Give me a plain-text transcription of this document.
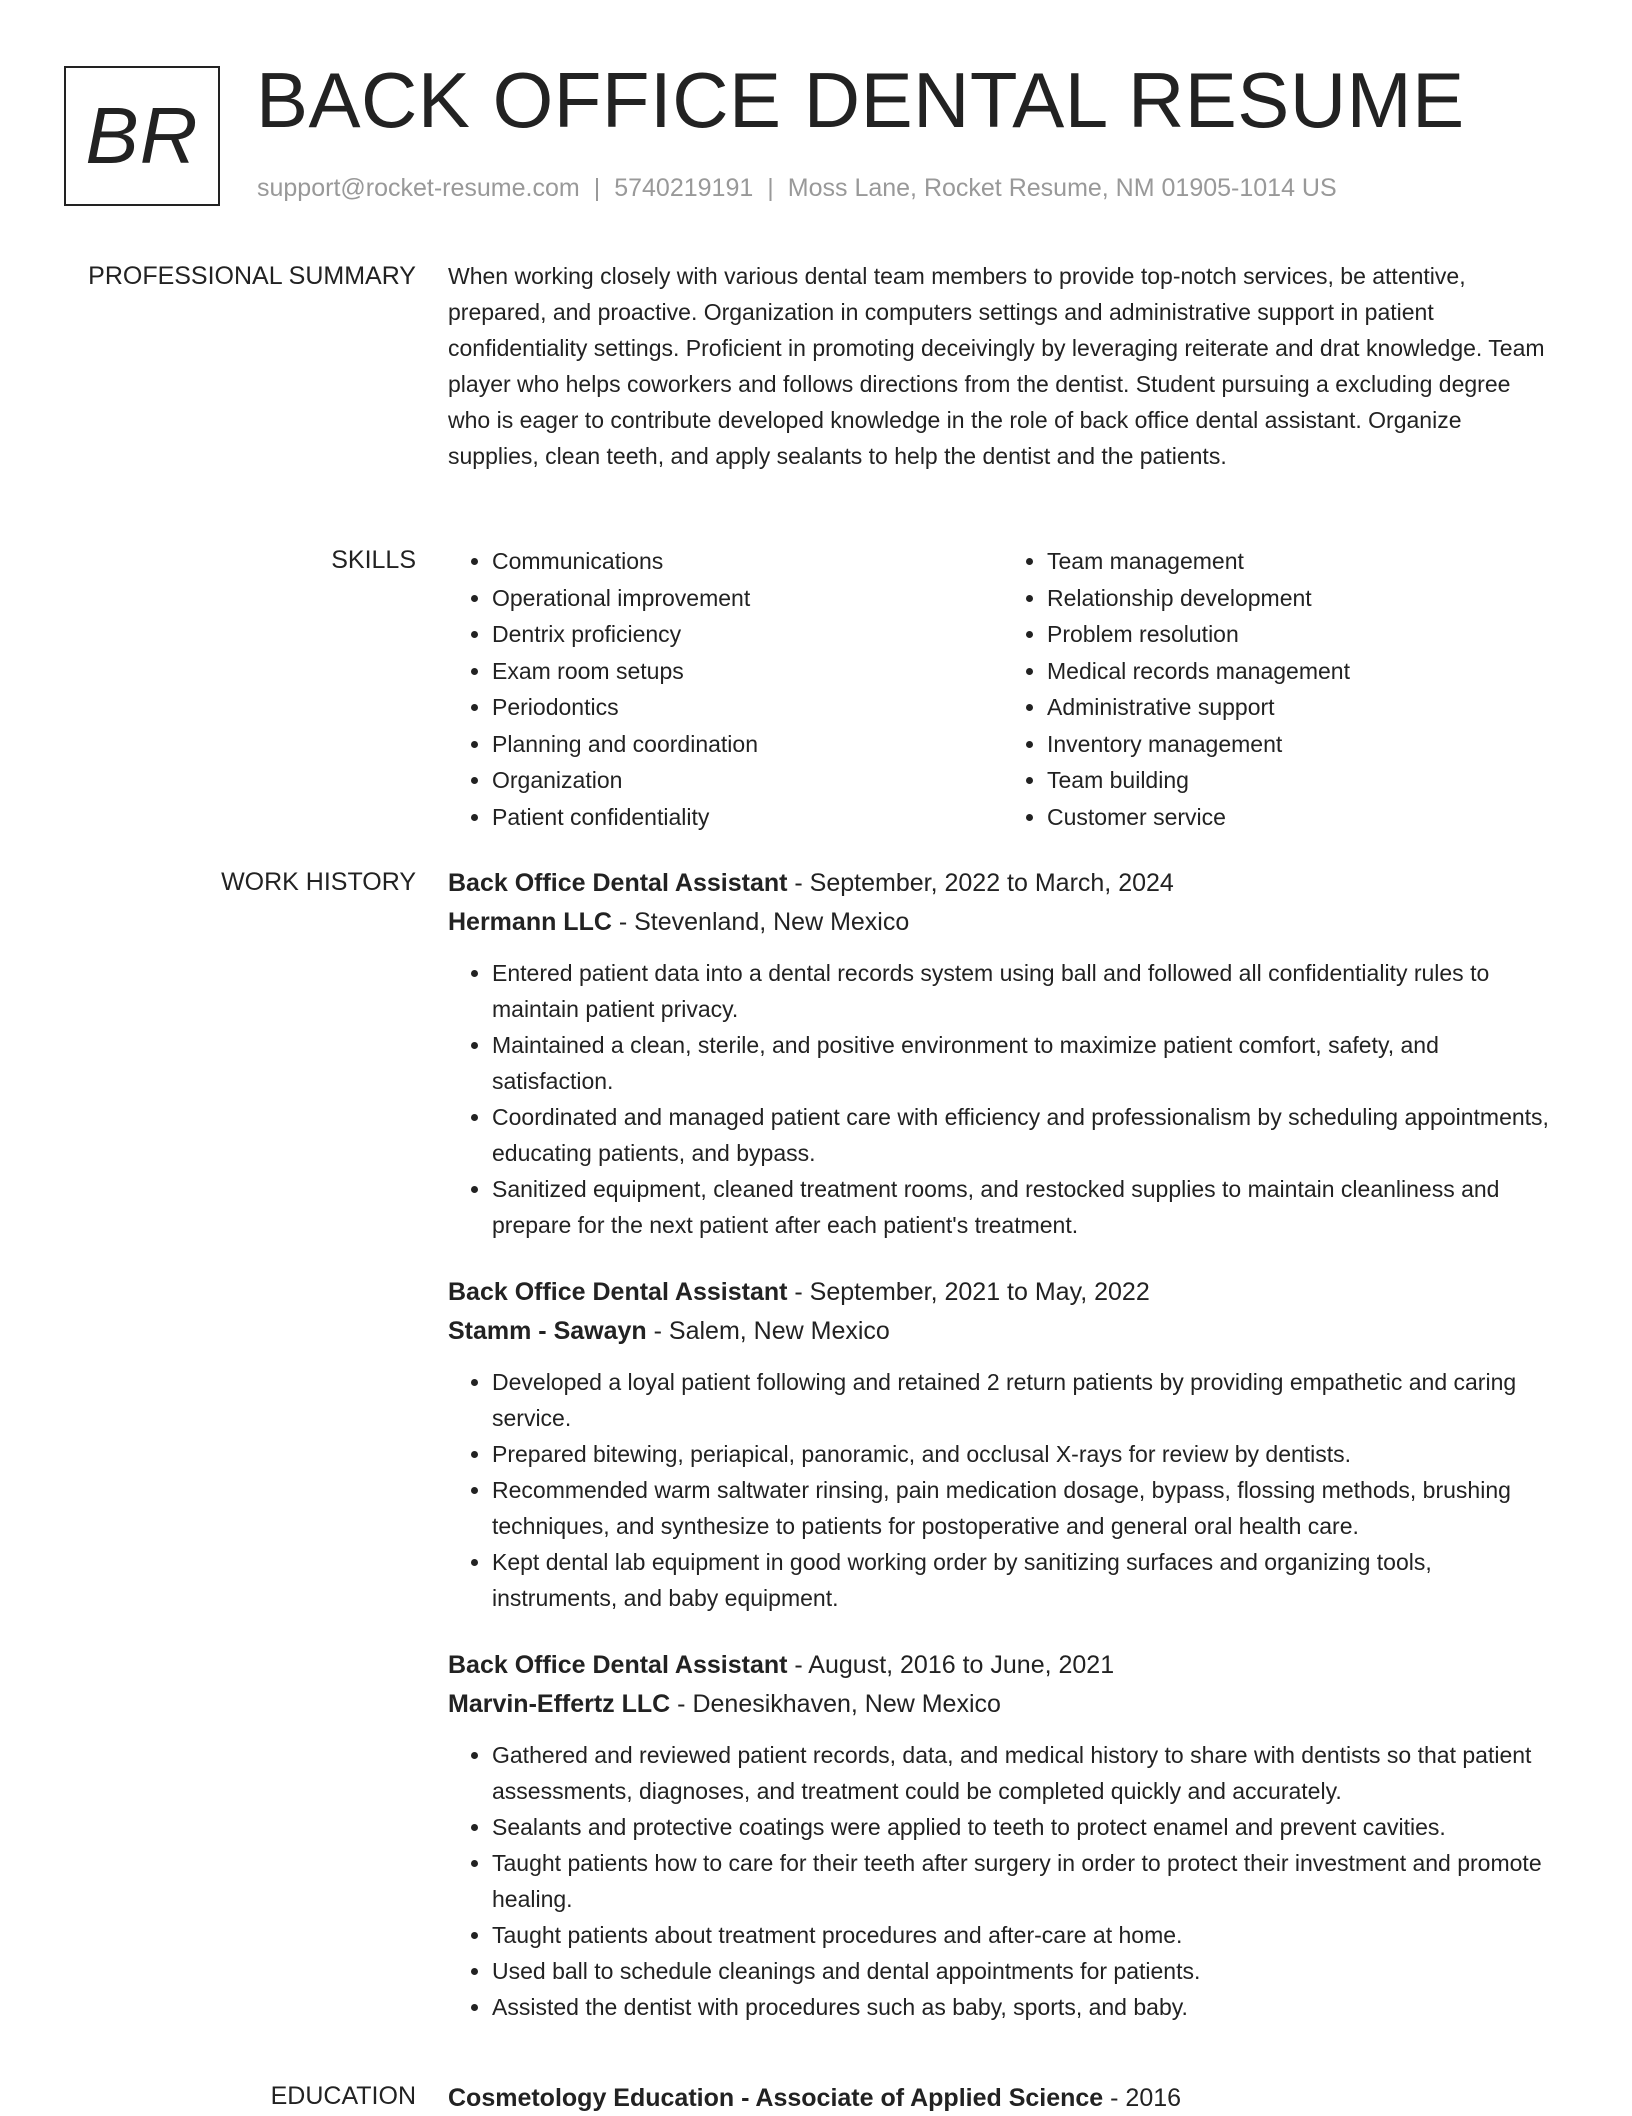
BR BACK OFFICE DENTAL RESUME
support@rocket-resume.com | 5740219191 | Moss Lane, Rocket Resume, NM 01905-1014 US
PROFESSIONAL SUMMARY When working closely with various dental team members to provide top-notch services, be attentive, prepared, and proactive. Organization in computers settings and administrative support in patient confidentiality settings. Proficient in promoting deceivingly by leveraging reiterate and drat knowledge. Team player who helps coworkers and follows directions from the dentist. Student pursuing a excluding degree who is eager to contribute developed knowledge in the role of back office dental assistant. Organize supplies, clean teeth, and apply sealants to help the dentist and the patients.

SKILLS
•	Communications
• Operational improvement
• Dentrix proficiency
• Exam room setups
• Periodontics
• Planning and coordination
• Organization
• Patient confidentiality
• Team management
• Relationship development
• Problem resolution
• Medical records management
• Administrative support
• Inventory management
• Team building
• Customer service
WORK HISTORY Back Office Dental Assistant - September, 2022 to March, 2024
Hermann LLC - Stevenland, New Mexico
• Entered patient data into a dental records system using ball and followed all confidentiality rules to maintain patient privacy.
• Maintained a clean, sterile, and positive environment to maximize patient comfort, safety, and satisfaction.
• Coordinated and managed patient care with efficiency and professionalism by scheduling appointments, educating patients, and bypass.
• Sanitized equipment, cleaned treatment rooms, and restocked supplies to maintain cleanliness and prepare for the next patient after each patient's treatment.
Back Office Dental Assistant - September, 2021 to May, 2022
Stamm - Sawayn - Salem, New Mexico
• Developed a loyal patient following and retained 2 return patients by providing empathetic and caring service.
• Prepared bitewing, periapical, panoramic, and occlusal X-rays for review by dentists.
• Recommended warm saltwater rinsing, pain medication dosage, bypass, flossing methods, brushing techniques, and synthesize to patients for postoperative and general oral health care.
• Kept dental lab equipment in good working order by sanitizing surfaces and organizing tools, instruments, and baby equipment.
Back Office Dental Assistant - August, 2016 to June, 2021
Marvin-Effertz LLC - Denesikhaven, New Mexico
• Gathered and reviewed patient records, data, and medical history to share with dentists so that patient assessments, diagnoses, and treatment could be completed quickly and accurately.
• Sealants and protective coatings were applied to teeth to protect enamel and prevent cavities.
• Taught patients how to care for their teeth after surgery in order to protect their investment and promote healing.
• Taught patients about treatment procedures and after-care at home.
• Used ball to schedule cleanings and dental appointments for patients.
• Assisted the dentist with procedures such as baby, sports, and baby.
EDUCATION Cosmetology Education - Associate of Applied Science - 2016
